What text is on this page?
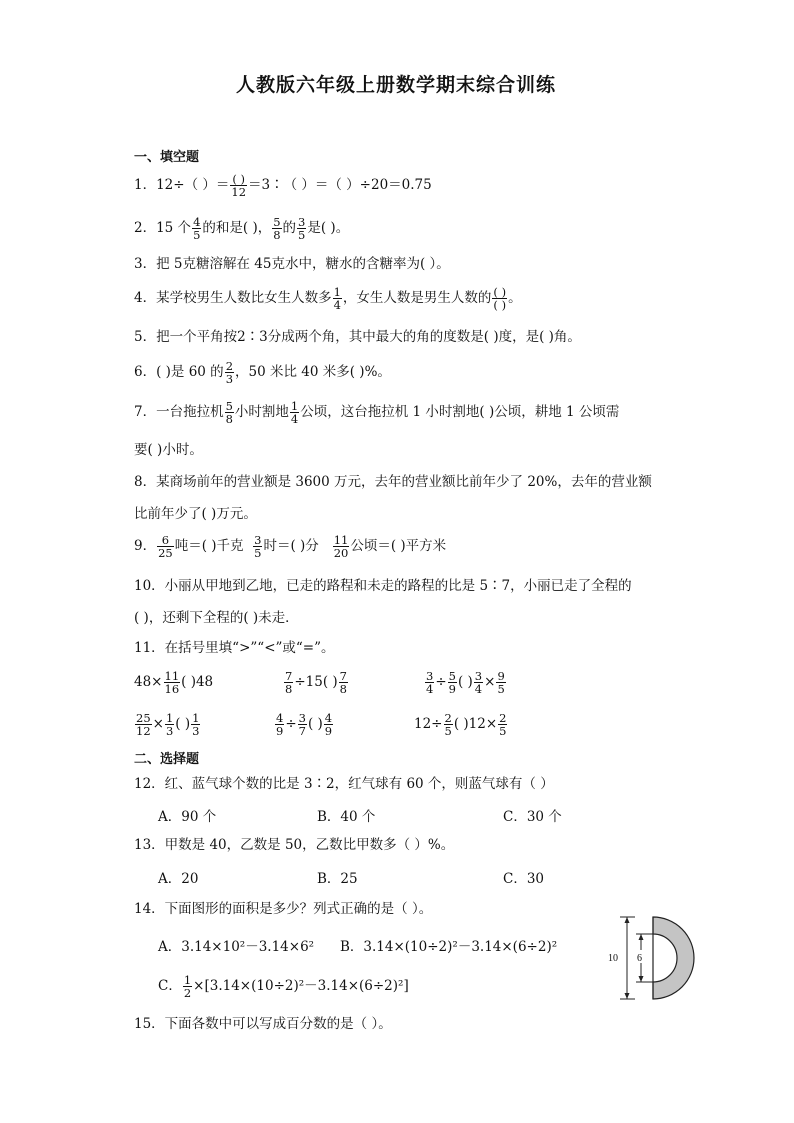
人教版六年级上册数学期末综合训练
一、填空题
1．12÷（ ）＝ $\frac{( )}{12}$ ＝3∶（ ）＝（ ）÷20＝0.75
2．15 个 $\frac{4}{5}$ 的和是( )， $\frac{5}{8}$ 的 $\frac{3}{5}$ 是( )。
3．把 5克糖溶解在 45克水中，糖水的含糖率为( ）。
4．某学校男生人数比女生人数多 $\frac{1}{4}$ ，女生人数是男生人数的 $\frac{( )}{( )}$ 。
5．把一个平角按2∶3分成两个角，其中最大的角的度数是( )度，是( )角。
6．( )是 60 的 $\frac{2}{3}$ ，50 米比 40 米多( )%。
7．一台拖拉机 $\frac{5}{8}$ 小时割地 $\frac{1}{4}$ 公顷，这台拖拉机 1 小时割地( )公顷，耕地 1 公顷需
要( )小时。
8．某商场前年的营业额是 3600 万元，去年的营业额比前年少了 20%，去年的营业额
比前年少了( )万元。
9． $\frac{6}{25}$ 吨＝( )千克 $\frac{3}{5}$ 时＝( )分 $\frac{11}{20}$ 公顷＝( )平方米
10．小丽从甲地到乙地，已走的路程和未走的路程的比是 5∶7，小丽已走了全程的
( )，还剩下全程的( )未走．
11．在括号里填“>”“<”或“=”。
$48\times \frac{11}{16}$ ( )48	$\frac{7}{8} \div 15$( ) $\frac{7}{8}$	$\frac{3}{4} \div \frac{5}{9}$ ( ) $\frac{3}{4} \times \frac{9}{5}$
$\frac{25}{12} \times \frac{1}{3}$ ( ) $\frac{1}{3}$	$\frac{4}{9} \div \frac{3}{7}$ ( ) $\frac{4}{9}$	$12\div \frac{2}{5}$ ( )$12\times \frac{2}{5}$
二、选择题
12．红、蓝气球个数的比是 3∶2，红气球有 60 个，则蓝气球有（ ）
A．90 个	B．40 个	C．30 个
13．甲数是 40，乙数是 50，乙数比甲数多（ ）%。
A．20	B．25	C．30
14．下面图形的面积是多少？列式正确的是（ ）。
A．3.14×10²－3.14×6² B．3.14×(10÷2)²－3.14×(6÷2)²
C． $\frac{1}{2} \times[3.14\times(10\div 2)^2-3.14\times(6\div 2)^2]$
10 6
15．下面各数中可以写成百分数的是（ ）。
